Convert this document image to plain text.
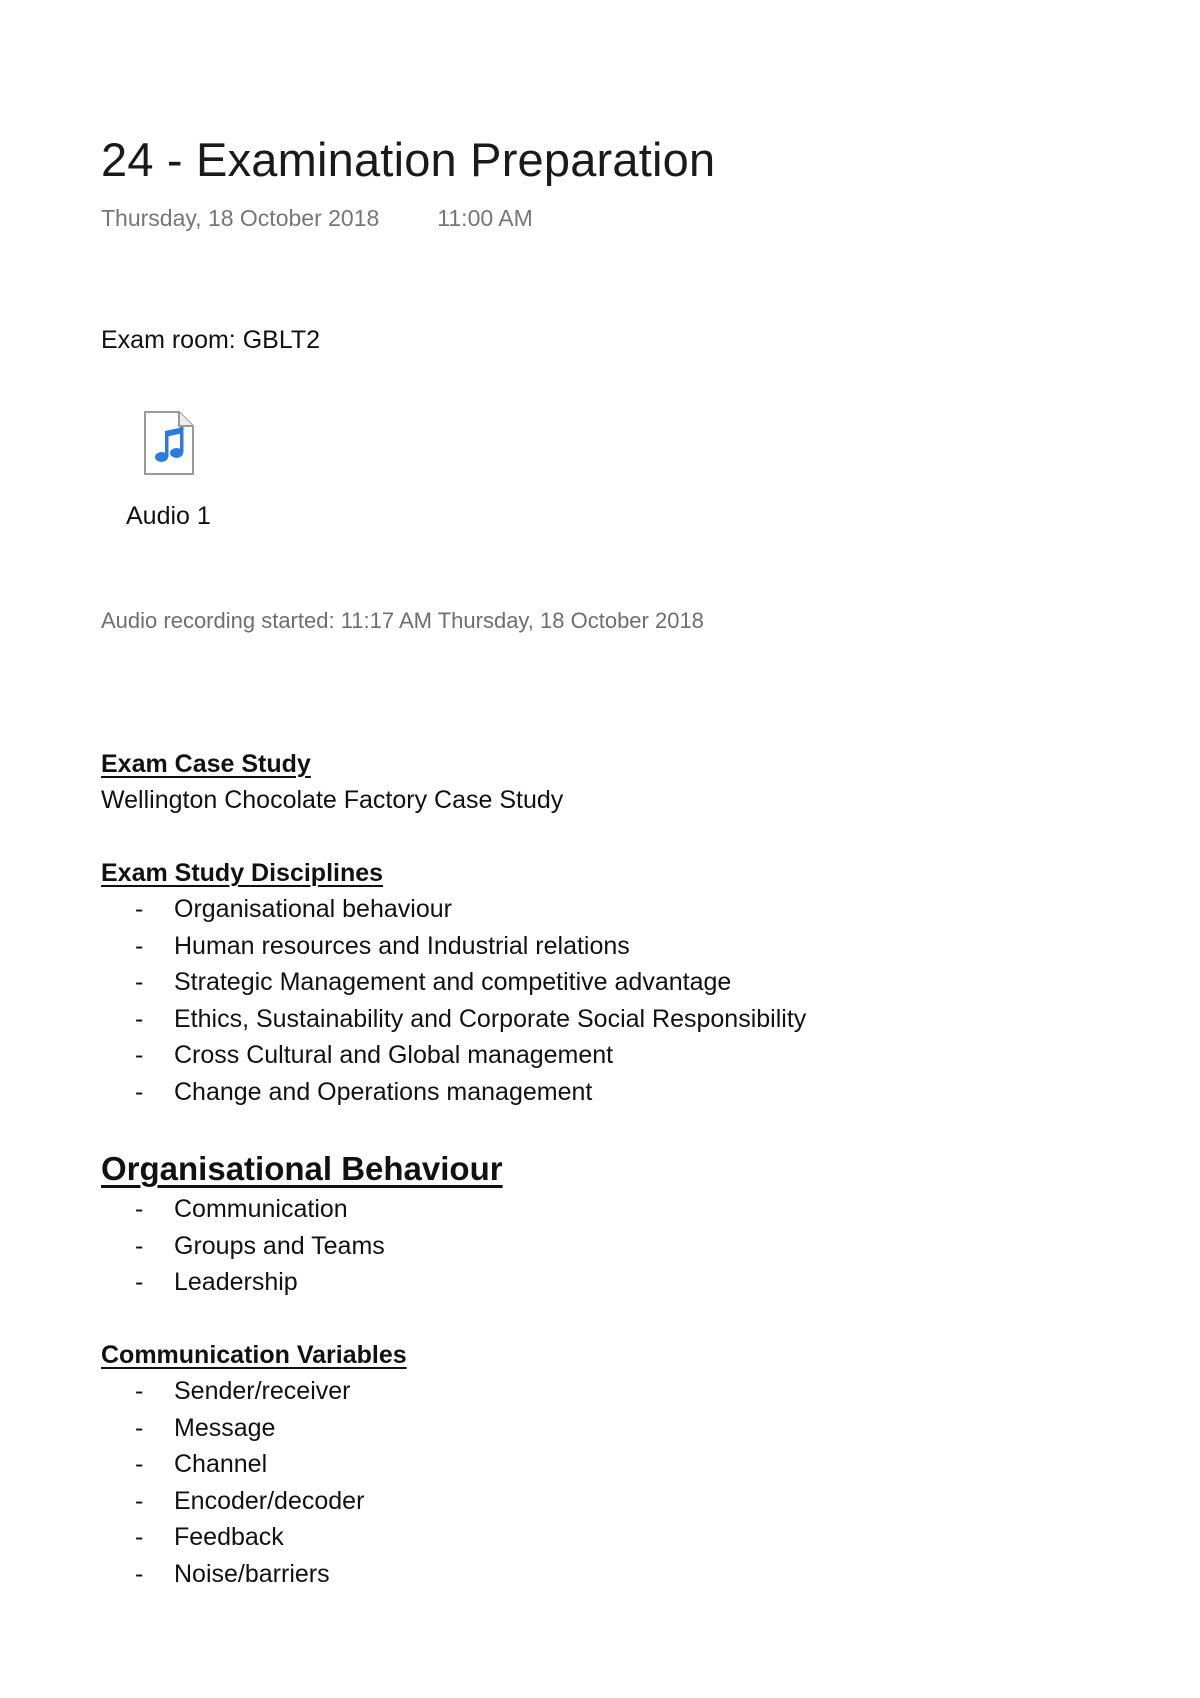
24 - Examination Preparation
Thursday, 18 October 2018	11:00 AM
Exam room: GBLT2
Audio 1
Audio recording started: 11:17 AM Thursday, 18 October 2018
Exam Case Study
Wellington Chocolate Factory Case Study
Exam Study Disciplines
- Organisational behaviour
- Human resources and Industrial relations
- Strategic Management and competitive advantage
- Ethics, Sustainability and Corporate Social Responsibility
- Cross Cultural and Global management
- Change and Operations management
Organisational Behaviour
- Communication
- Groups and Teams
- Leadership
Communication Variables
- Sender/receiver
- Message
- Channel
- Encoder/decoder
- Feedback
- Noise/barriers
